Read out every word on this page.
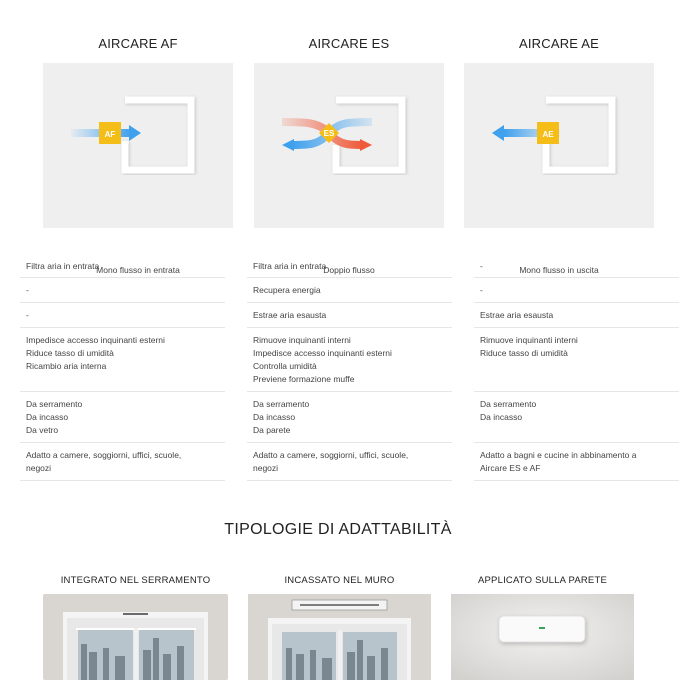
AIRCARE AF
Mono flusso in entrata
AF
AIRCARE ES
Doppio flusso
ES
AIRCARE AE
Mono flusso in uscita
AE
Filtra aria in entrata
-
-
Impedisce accesso inquinanti esterni
Riduce tasso di umidità
Ricambio aria interna
Da serramento
Da incasso
Da vetro
Adatto a camere, soggiorni, uffici, scuole,
negozi
Filtra aria in entrata
Recupera energia
Estrae aria esausta
Rimuove inquinanti interni
Impedisce accesso inquinanti esterni
Controlla umidità
Previene formazione muffe
Da serramento
Da incasso
Da parete
Adatto a camere, soggiorni, uffici, scuole,
negozi
-
-
Estrae aria esausta
Rimuove inquinanti interni
Riduce tasso di umidità
Da serramento
Da incasso
Adatto a bagni e cucine in abbinamento a
Aircare ES e AF
TIPOLOGIE DI ADATTABILITÀ
INTEGRATO NEL SERRAMENTO	INCASSATO NEL MURO	APPLICATO SULLA PARETE
